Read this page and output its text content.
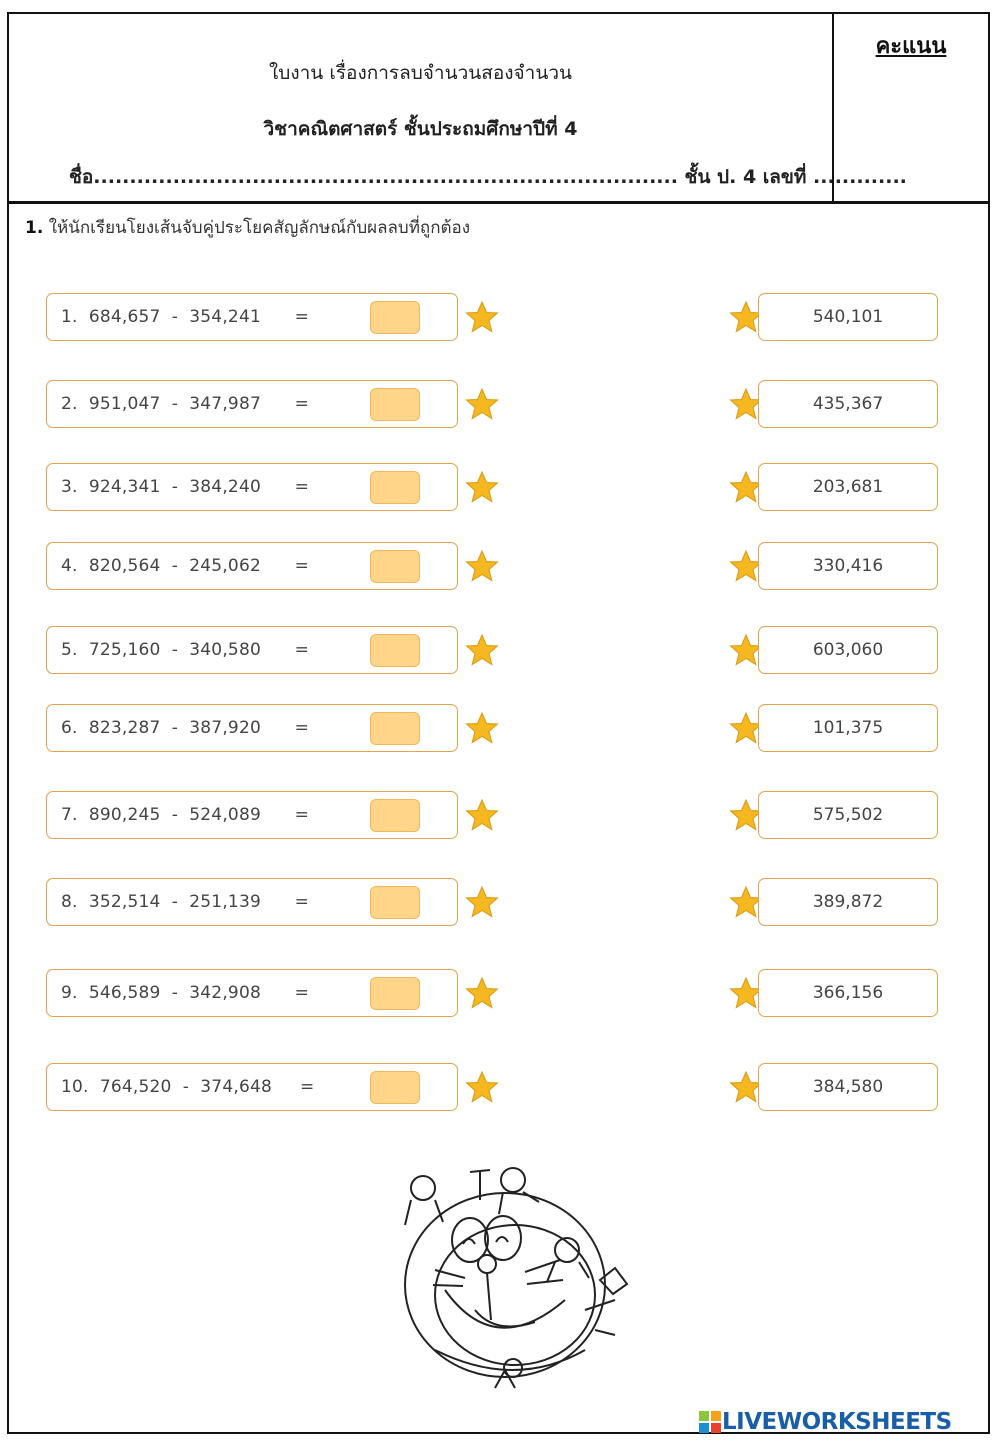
ใบงาน เรื่องการลบจำนวนสองจำนวน
วิชาคณิตศาสตร์ ชั้นประถมศึกษาปีที่ 4
ชื่อ................................................................................. ชั้น ป. 4 เลขที่ .............
คะแนน
1. ให้นักเรียนโยงเส้นจับคู่ประโยคสัญลักษณ์กับผลลบที่ถูกต้อง
1.  684,657  -  354,241      =	540,101
2.  951,047  -  347,987      =	435,367
3.  924,341  -  384,240      =	203,681
4.  820,564  -  245,062      =	330,416
5.  725,160  -  340,580      =	603,060
6.  823,287  -  387,920      =	101,375
7.  890,245  -  524,089      =	575,502
8.  352,514  -  251,139      =	389,872
9.  546,589  -  342,908      =	366,156
10.  764,520  -  374,648     =	384,580
LIVEWORKSHEETS
